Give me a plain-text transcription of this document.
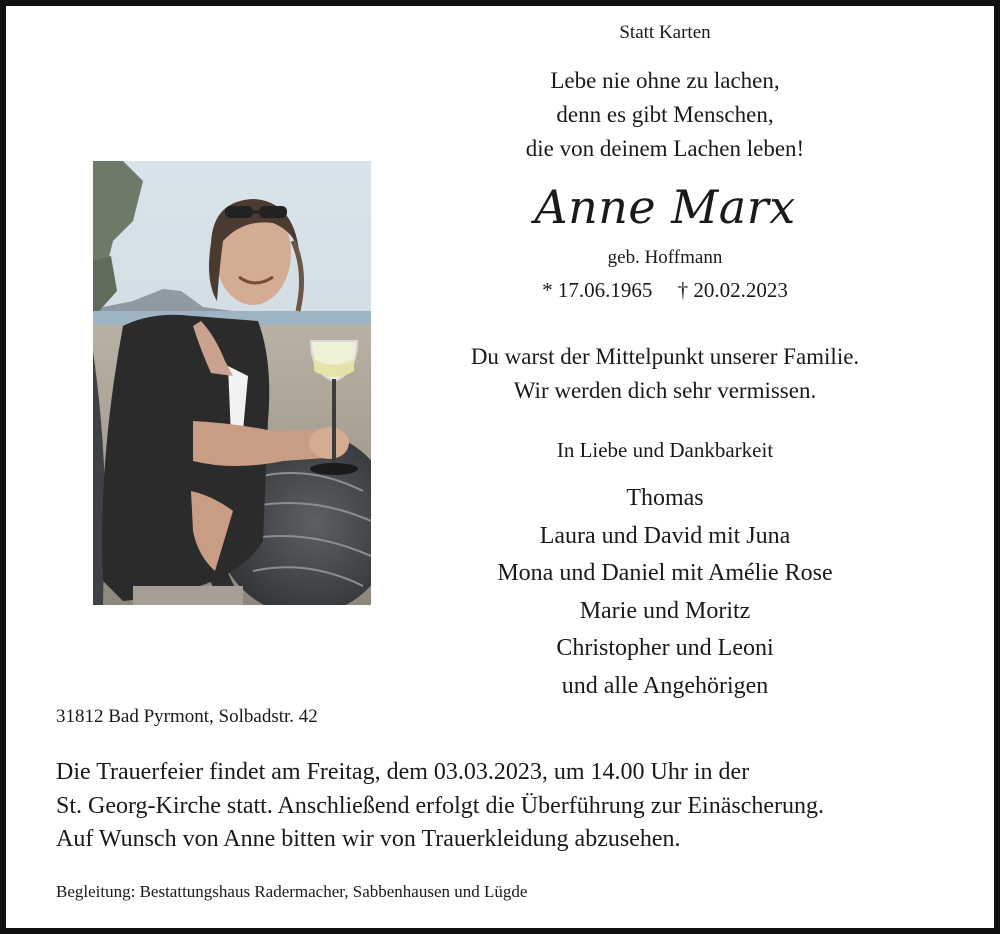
Statt Karten
Lebe nie ohne zu lachen,
denn es gibt Menschen,
die von deinem Lachen leben!
Anne Marx
geb. Hoffmann
* 17.06.1965 † 20.02.2023
Du warst der Mittelpunkt unserer Familie.
Wir werden dich sehr vermissen.
In Liebe und Dankbarkeit
Thomas
Laura und David mit Juna
Mona und Daniel mit Amélie Rose
Marie und Moritz
Christopher und Leoni
und alle Angehörigen
31812 Bad Pyrmont, Solbadstr. 42
Die Trauerfeier findet am Freitag, dem 03.03.2023, um 14.00 Uhr in der
St. Georg-Kirche statt. Anschließend erfolgt die Überführung zur Einäscherung.
Auf Wunsch von Anne bitten wir von Trauerkleidung abzusehen.
Begleitung: Bestattungshaus Radermacher, Sabbenhausen und Lügde
